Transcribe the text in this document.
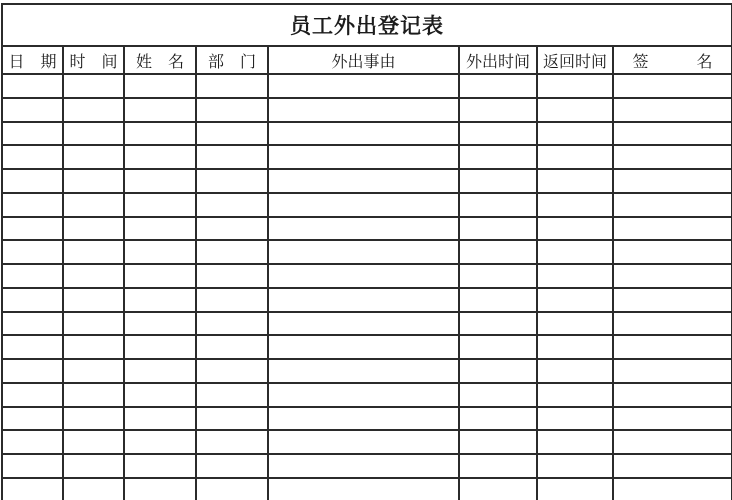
员工外出登记表							
日　期	时　间	姓　名	部　门	外出事由	外出时间	返回时间	签　　　名
